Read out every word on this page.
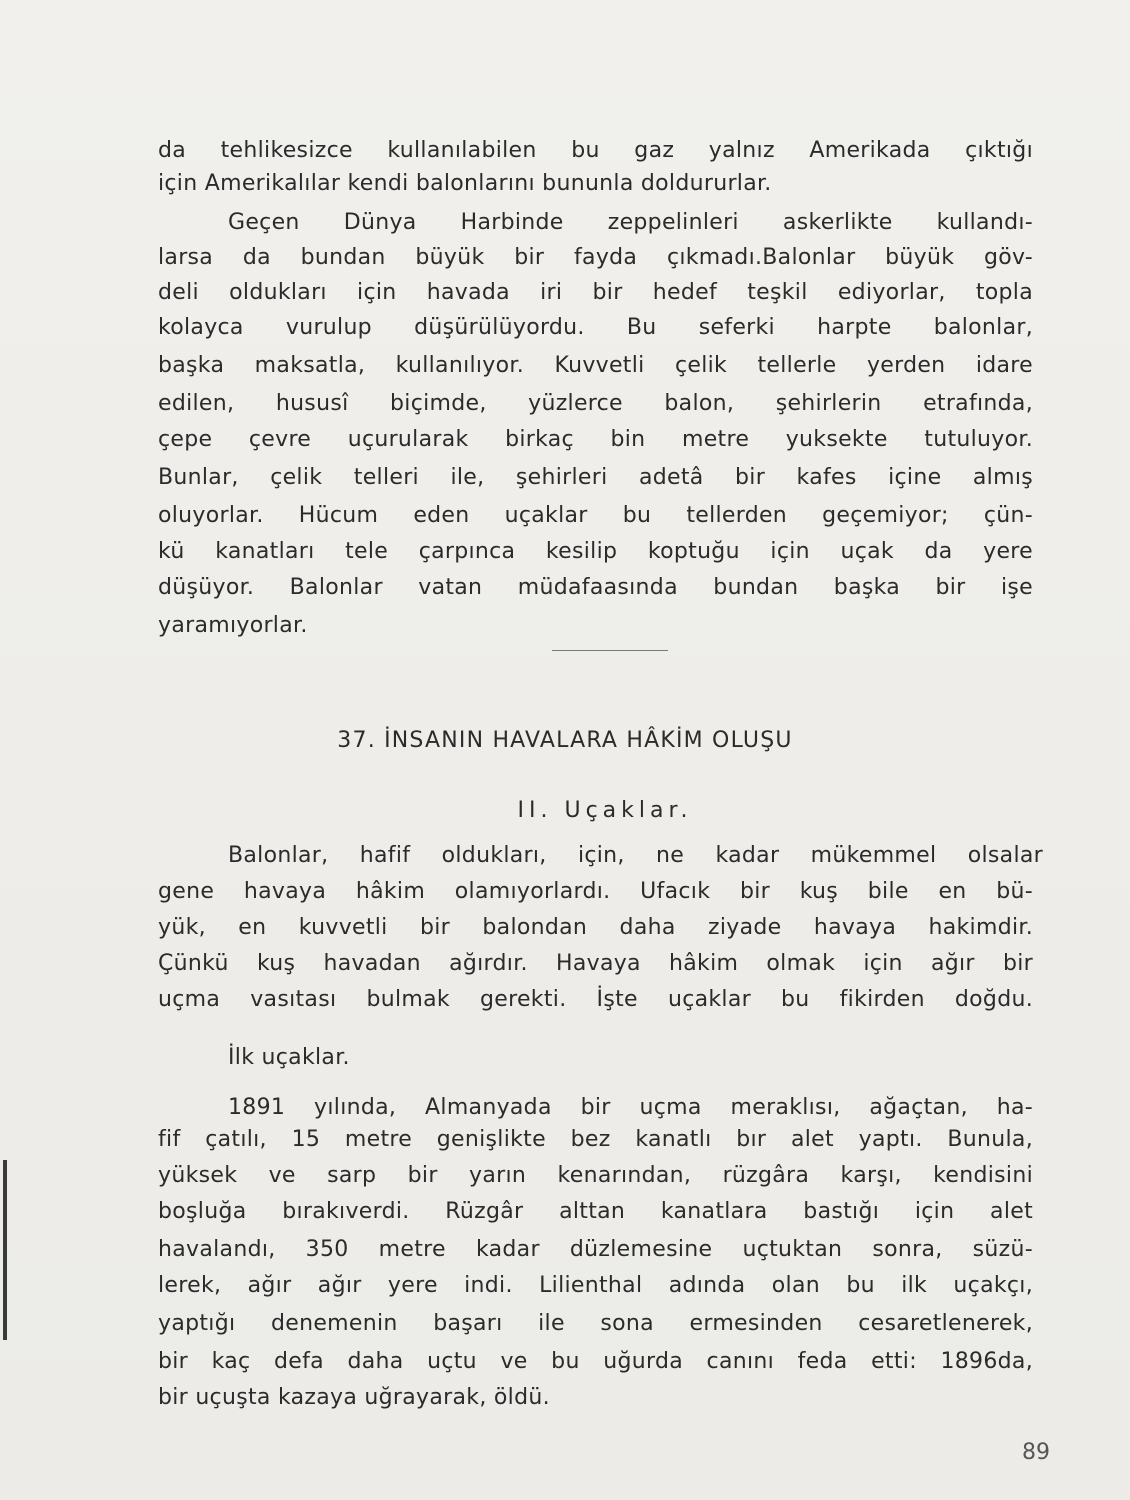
da tehlikesizce kullanılabilen bu gaz yalnız Amerikada çıktığı
için Amerikalılar kendi balonlarını bununla doldururlar.
Geçen Dünya Harbinde zeppelinleri askerlikte kullandı-
larsa da bundan büyük bir fayda çıkmadı.Balonlar büyük göv-
deli oldukları için havada iri bir hedef teşkil ediyorlar, topla
kolayca vurulup düşürülüyordu. Bu seferki harpte balonlar,
başka maksatla, kullanılıyor. Kuvvetli çelik tellerle yerden idare
edilen, hususî biçimde, yüzlerce balon, şehirlerin etrafında,
çepe çevre uçurularak birkaç bin metre yuksekte tutuluyor.
Bunlar, çelik telleri ile, şehirleri adetâ bir kafes içine almış
oluyorlar. Hücum eden uçaklar bu tellerden geçemiyor; çün-
kü kanatları tele çarpınca kesilip koptuğu için uçak da yere
düşüyor. Balonlar vatan müdafaasında bundan başka bir işe
yaramıyorlar.
37. İNSANIN HAVALARA HÂKİM OLUŞU
II. Uçaklar.
Balonlar, hafif oldukları, için, ne kadar mükemmel olsalar
gene havaya hâkim olamıyorlardı. Ufacık bir kuş bile en bü-
yük, en kuvvetli bir balondan daha ziyade havaya hakimdir.
Çünkü kuş havadan ağırdır. Havaya hâkim olmak için ağır bir
uçma vasıtası bulmak gerekti. İşte uçaklar bu fikirden doğdu.
İlk uçaklar.
1891 yılında, Almanyada bir uçma meraklısı, ağaçtan, ha-
fif çatılı, 15 metre genişlikte bez kanatlı bır alet yaptı. Bunula,
yüksek ve sarp bir yarın kenarından, rüzgâra karşı, kendisini
boşluğa bırakıverdi. Rüzgâr alttan kanatlara bastığı için alet
havalandı, 350 metre kadar düzlemesine uçtuktan sonra, süzü-
lerek, ağır ağır yere indi. Lilienthal adında olan bu ilk uçakçı,
yaptığı denemenin başarı ile sona ermesinden cesaretlenerek,
bir kaç defa daha uçtu ve bu uğurda canını feda etti: 1896da,
bir uçuşta kazaya uğrayarak, öldü.
89
